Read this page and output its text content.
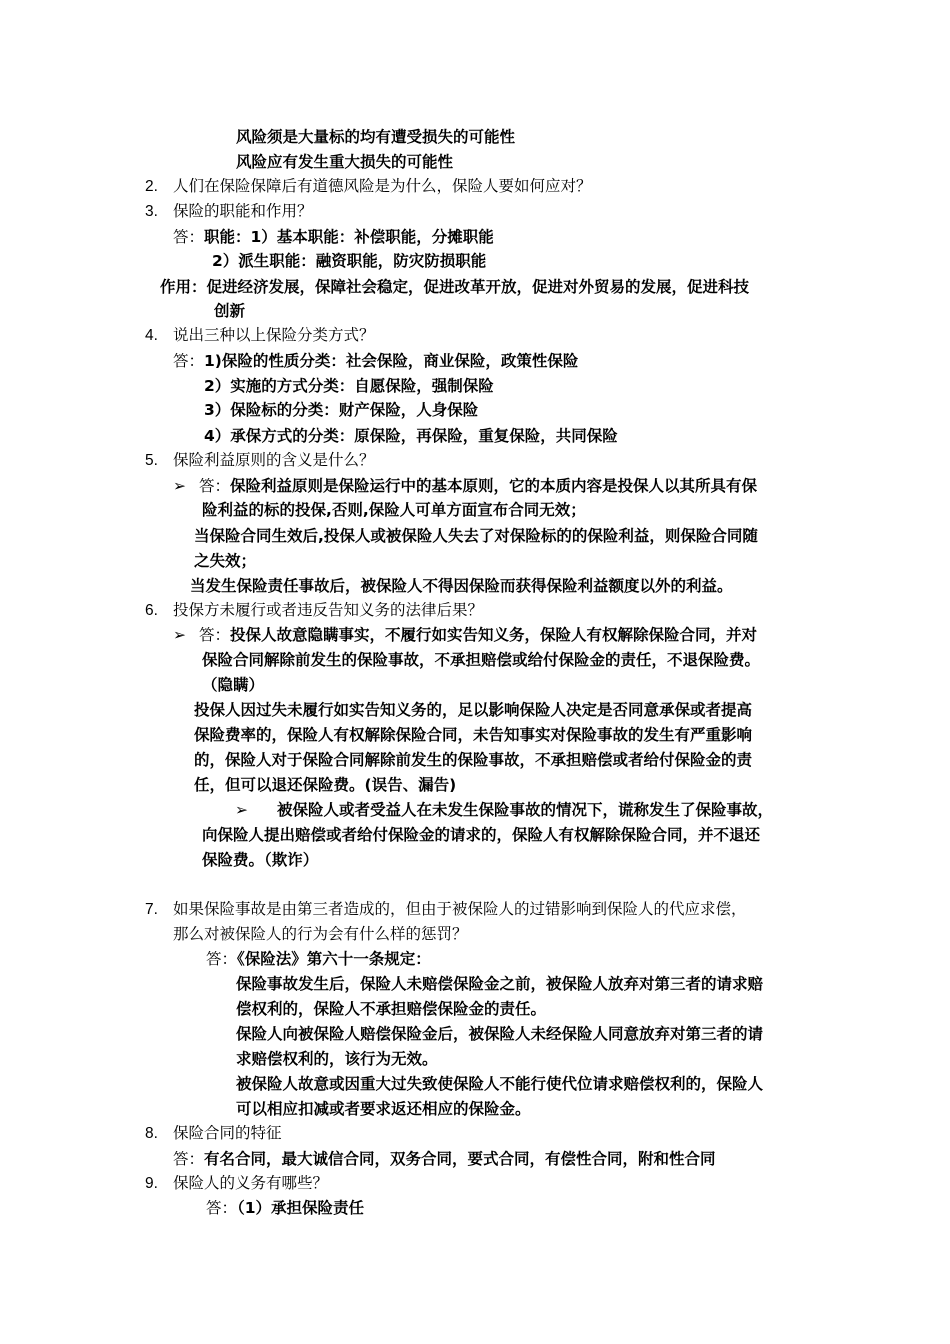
风险须是大量标的均有遭受损失的可能性
风险应有发生重大损失的可能性
2. 人们在保险保障后有道德风险是为什么，保险人要如何应对？
3. 保险的职能和作用？
答：职能：1）基本职能：补偿职能，分摊职能
2）派生职能：融资职能，防灾防损职能
作用：促进经济发展，保障社会稳定，促进改革开放，促进对外贸易的发展，促进科技
创新
4. 说出三种以上保险分类方式？
答：1)保险的性质分类：社会保险，商业保险，政策性保险
2）实施的方式分类：自愿保险，强制保险
3）保险标的分类：财产保险，人身保险
4）承保方式的分类：原保险，再保险，重复保险，共同保险
5. 保险利益原则的含义是什么？
➢ 答：保险利益原则是保险运行中的基本原则，它的本质内容是投保人以其所具有保
险利益的标的投保,否则,保险人可单方面宣布合同无效；
当保险合同生效后,投保人或被保险人失去了对保险标的的保险利益，则保险合同随
之失效；
当发生保险责任事故后，被保险人不得因保险而获得保险利益额度以外的利益。
6. 投保方未履行或者违反告知义务的法律后果？
➢ 答：投保人故意隐瞒事实，不履行如实告知义务，保险人有权解除保险合同，并对
保险合同解除前发生的保险事故，不承担赔偿或给付保险金的责任，不退保险费。
（隐瞒）
投保人因过失未履行如实告知义务的，足以影响保险人决定是否同意承保或者提高
保险费率的，保险人有权解除保险合同，未告知事实对保险事故的发生有严重影响
的，保险人对于保险合同解除前发生的保险事故，不承担赔偿或者给付保险金的责
任，但可以退还保险费。(误告、漏告)
➢ 被保险人或者受益人在未发生保险事故的情况下，谎称发生了保险事故，
向保险人提出赔偿或者给付保险金的请求的，保险人有权解除保险合同，并不退还
保险费。（欺诈）
7. 如果保险事故是由第三者造成的，但由于被保险人的过错影响到保险人的代应求偿，
那么对被保险人的行为会有什么样的惩罚？
答：《保险法》第六十一条规定：
保险事故发生后，保险人未赔偿保险金之前，被保险人放弃对第三者的请求赔
偿权利的，保险人不承担赔偿保险金的责任。
保险人向被保险人赔偿保险金后，被保险人未经保险人同意放弃对第三者的请
求赔偿权利的，该行为无效。
被保险人故意或因重大过失致使保险人不能行使代位请求赔偿权利的，保险人
可以相应扣减或者要求返还相应的保险金。
8. 保险合同的特征
答：有名合同，最大诚信合同，双务合同，要式合同，有偿性合同，附和性合同
9. 保险人的义务有哪些？
答：（1）承担保险责任
